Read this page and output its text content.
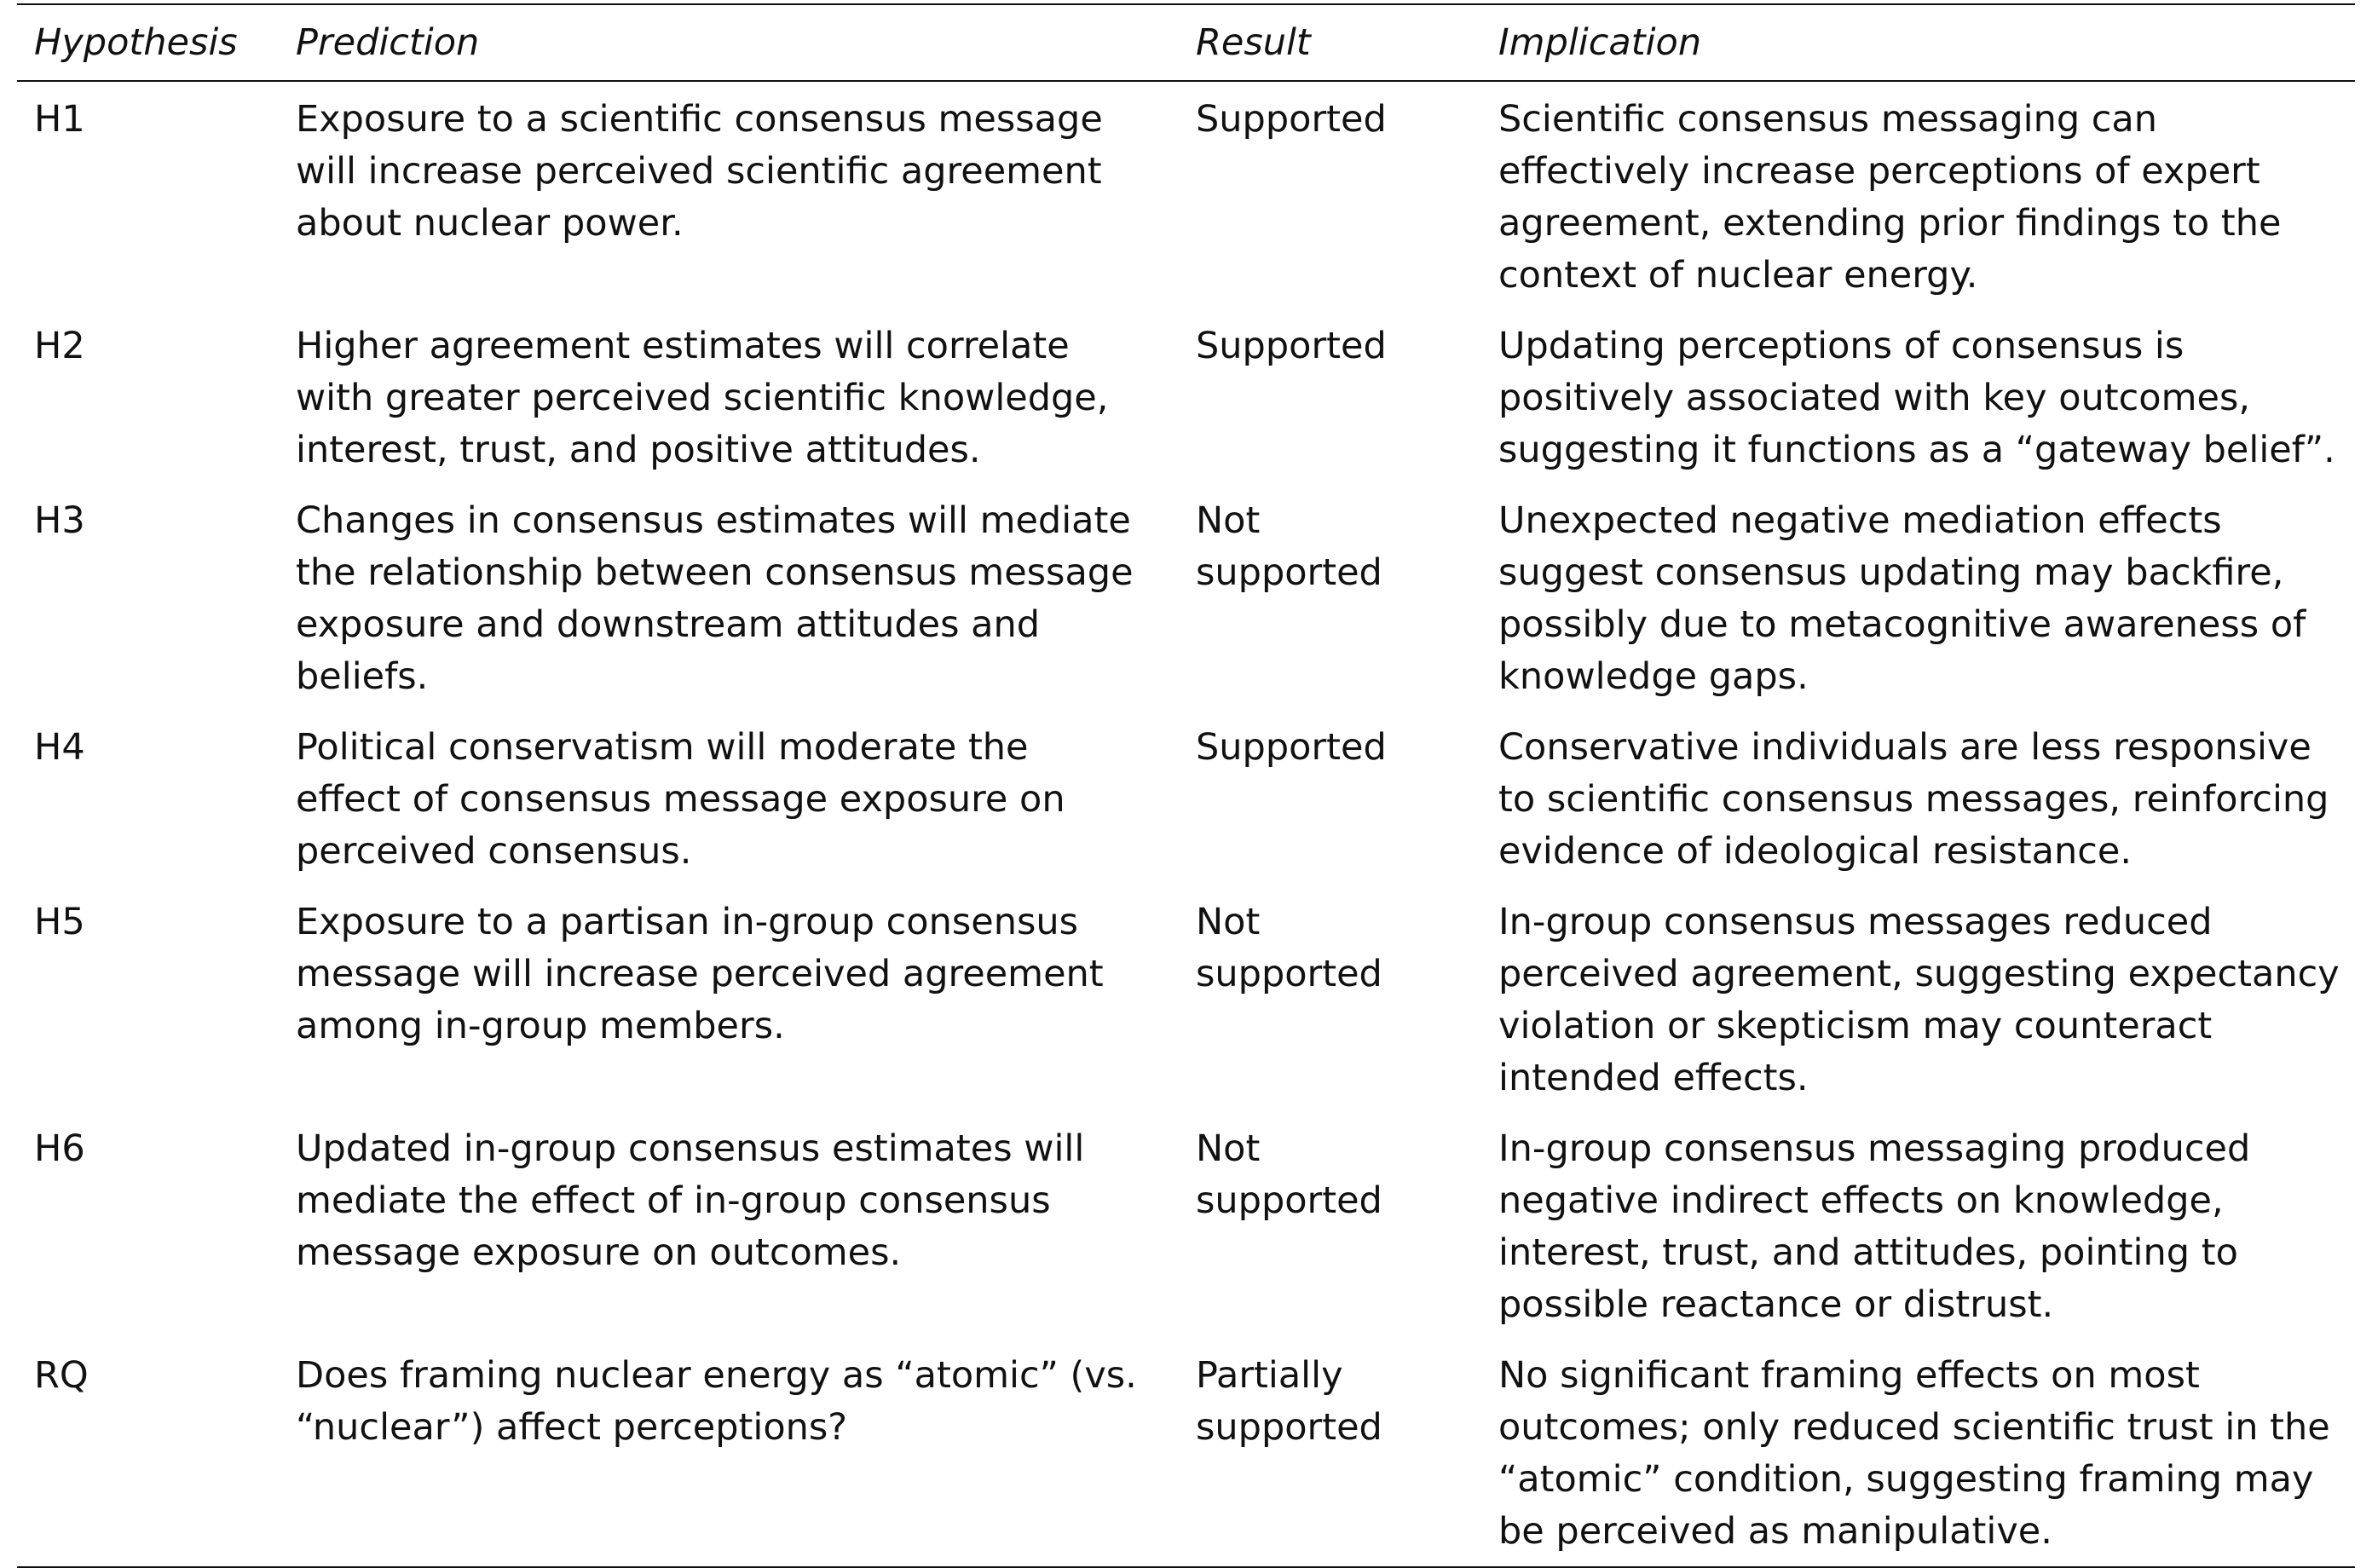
Hypothesis	Prediction	Result	Implication
H1	Exposure to a scientific consensus message will increase perceived scientific agreement about nuclear power.	Supported	Scientific consensus messaging can effectively increase perceptions of expert agreement, extending prior findings to the context of nuclear energy.
H2	Higher agreement estimates will correlate with greater perceived scientific knowledge, interest, trust, and positive attitudes.	Supported	Updating perceptions of consensus is positively associated with key outcomes, suggesting it functions as a “gateway belief”.
H3	Changes in consensus estimates will mediate the relationship between consensus message exposure and downstream attitudes and beliefs.	Not supported	Unexpected negative mediation effects suggest consensus updating may backfire, possibly due to metacognitive awareness of knowledge gaps.
H4	Political conservatism will moderate the effect of consensus message exposure on perceived consensus.	Supported	Conservative individuals are less responsive to scientific consensus messages, reinforcing evidence of ideological resistance.
H5	Exposure to a partisan in-group consensus message will increase perceived agreement among in-group members.	Not supported	In-group consensus messages reduced perceived agreement, suggesting expectancy violation or skepticism may counteract intended effects.
H6	Updated in-group consensus estimates will mediate the effect of in-group consensus message exposure on outcomes.	Not supported	In-group consensus messaging produced negative indirect effects on knowledge, interest, trust, and attitudes, pointing to possible reactance or distrust.
RQ	Does framing nuclear energy as “atomic” (vs. “nuclear”) affect perceptions?	Partially supported	No significant framing effects on most outcomes; only reduced scientific trust in the “atomic” condition, suggesting framing may be perceived as manipulative.
